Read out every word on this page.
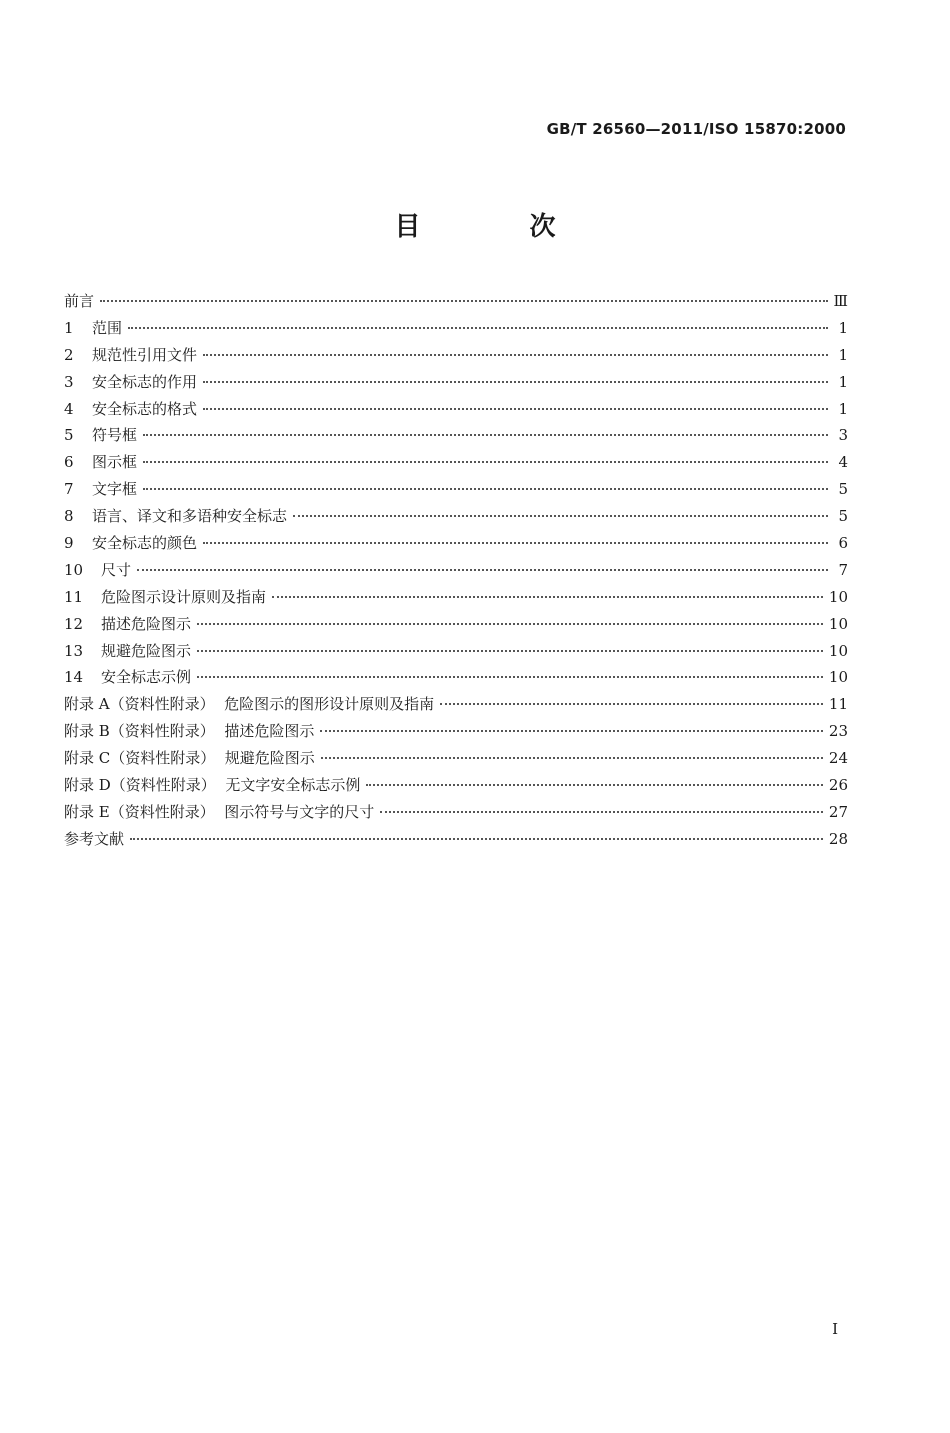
GB/T 26560—2011/ISO 15870:2000
目 次
前言	Ⅲ
1	范围	1
2	规范性引用文件	1
3	安全标志的作用	1
4	安全标志的格式	1
5	符号框	3
6	图示框	4
7	文字框	5
8	语言、译文和多语种安全标志	5
9	安全标志的颜色	6
10	尺寸	7
11	危险图示设计原则及指南	10
12	描述危险图示	10
13	规避危险图示	10
14	安全标志示例	10
附录 A（资料性附录）  危险图示的图形设计原则及指南	11
附录 B（资料性附录）  描述危险图示	23
附录 C（资料性附录）  规避危险图示	24
附录 D（资料性附录）  无文字安全标志示例	26
附录 E（资料性附录）  图示符号与文字的尺寸	27
参考文献	28
I
